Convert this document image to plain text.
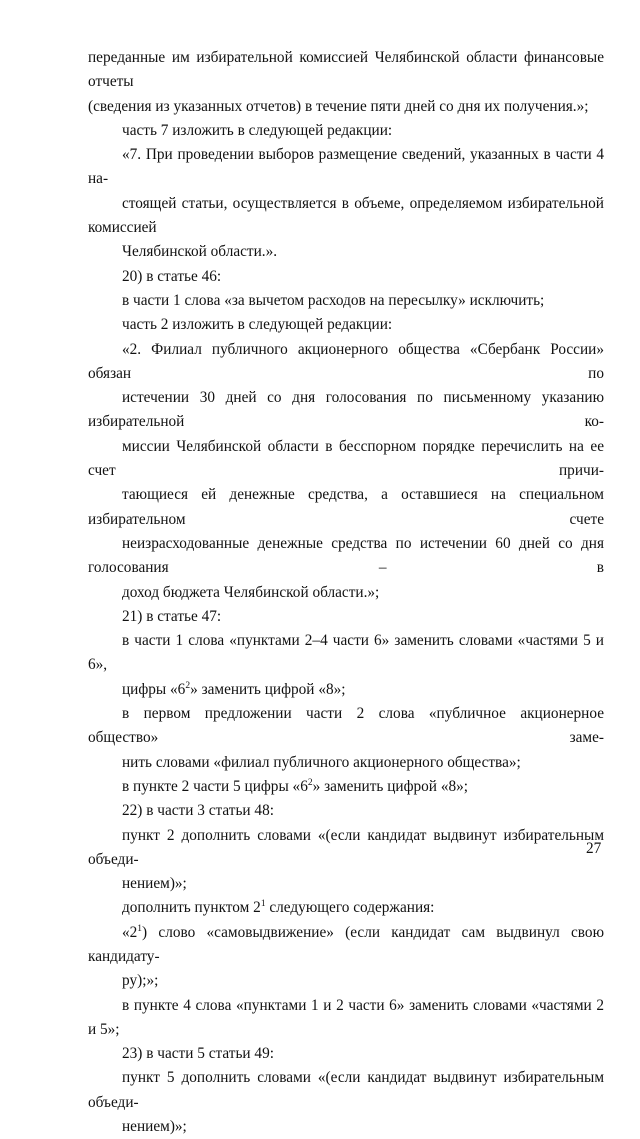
переданные им избирательной комиссией Челябинской области финансовые отчеты
(сведения из указанных отчетов) в течение пяти дней со дня их получения.»;

часть 7 изложить в следующей редакции:

«7. При проведении выборов размещение сведений, указанных в части 4 на-
стоящей статьи, осуществляется в объеме, определяемом избирательной комиссией
Челябинской области.».

20) в статье 46:

в части 1 слова «за вычетом расходов на пересылку» исключить;

часть 2 изложить в следующей редакции:

«2. Филиал публичного акционерного общества «Сбербанк России» обязан по
истечении 30 дней со дня голосования по письменному указанию избирательной ко-
миссии Челябинской области в бесспорном порядке перечислить на ее счет причи-
тающиеся ей денежные средства, а оставшиеся на специальном избирательном счете
неизрасходованные денежные средства по истечении 60 дней со дня голосования – в
доход бюджета Челябинской области.»;

21) в статье 47:

в части 1 слова «пунктами 2–4 части 6» заменить словами «частями 5 и 6»,
цифры «$6^2$» заменить цифрой «8»;

в первом предложении части 2 слова «публичное акционерное общество» заме-
нить словами «филиал публичного акционерного общества»;

в пункте 2 части 5 цифры «$6^2$» заменить цифрой «8»;

22) в части 3 статьи 48:

пункт 2 дополнить словами «(если кандидат выдвинут избирательным объеди-
нением)»;

дополнить пунктом $2^1$ следующего содержания:

«$2^1$) слово «самовыдвижение» (если кандидат сам выдвинул свою кандидату-
ру);»;

в пункте 4 слова «пунктами 1 и 2 части 6» заменить словами «частями 2 и 5»;

23) в части 5 статьи 49:

пункт 5 дополнить словами «(если кандидат выдвинут избирательным объеди-
нением)»;

27
